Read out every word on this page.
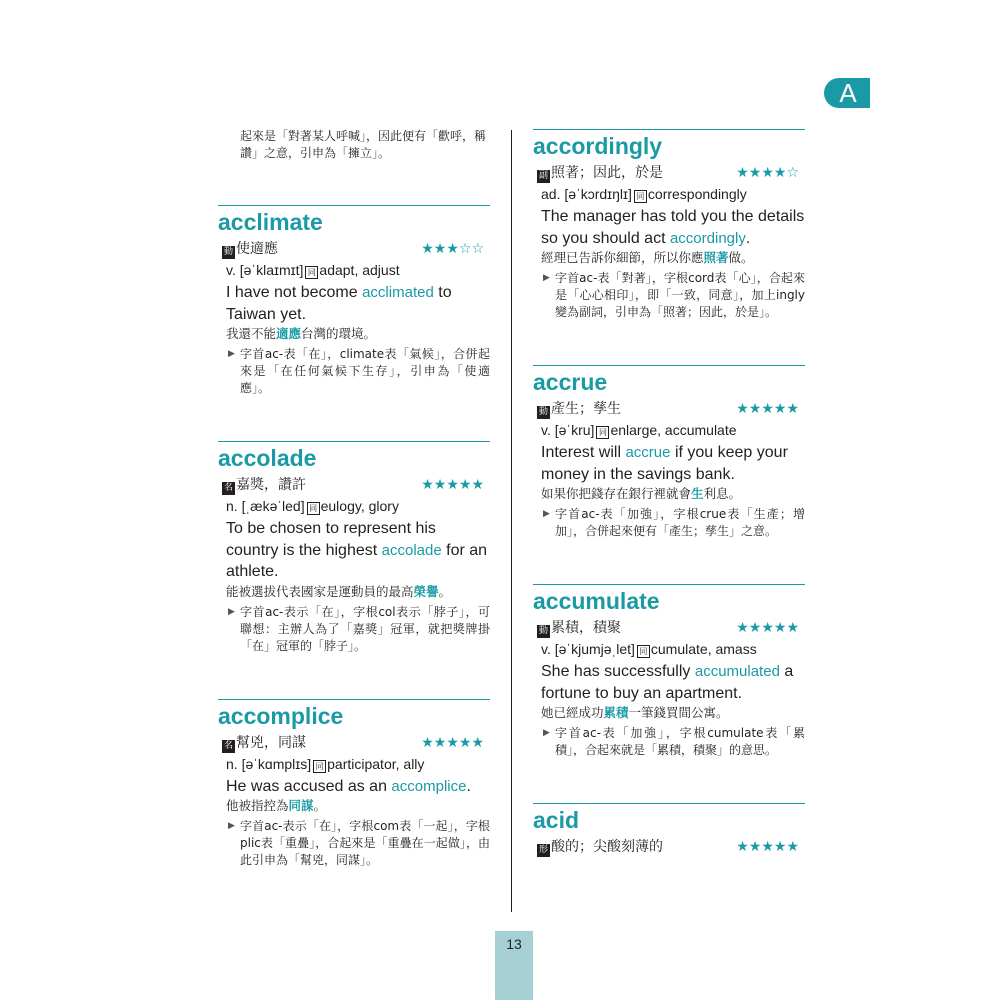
A
起來是「對著某人呼喊」，因此便有「歡呼，稱讚」之意，引申為「擁立」。
acclimate
動 使適應	★★★☆☆
v. [əˈklaɪmɪt] 同 adapt, adjust
I have not become acclimated to Taiwan yet.
我還不能適應台灣的環境。
▶ 字首ac-表「在」，climate表「氣候」，合併起來是「在任何氣候下生存」，引申為「使適應」。
accolade
名 嘉獎，讚許	★★★★★
n. [ˌækəˈled] 同 eulogy, glory
To be chosen to represent his country is the highest accolade for an athlete.
能被選拔代表國家是運動員的最高榮譽。
▶ 字首ac-表示「在」，字根col表示「脖子」，可聯想：主辦人為了「嘉獎」冠軍，就把獎牌掛「在」冠軍的「脖子」。
accomplice
名 幫兇，同謀	★★★★★
n. [əˈkɑmplɪs] 同 participator, ally
He was accused as an accomplice.
他被指控為同謀。
▶ 字首ac-表示「在」，字根com表「一起」，字根plic表「重疊」，合起來是「重疊在一起做」，由此引申為「幫兇，同謀」。
accordingly
副 照著；因此，於是	★★★★☆
ad. [əˈkɔrdɪŋlɪ] 同 correspondingly
The manager has told you the details so you should act accordingly.
經理已告訴你細節，所以你應照著做。
▶ 字首ac-表「對著」，字根cord表「心」，合起來是「心心相印」，即「一致，同意」，加上ingly變為副詞，引申為「照著；因此，於是」。
accrue
動 產生；孳生	★★★★★
v. [əˈkru] 同 enlarge, accumulate
Interest will accrue if you keep your money in the savings bank.
如果你把錢存在銀行裡就會生利息。
▶ 字首ac-表「加強」，字根crue表「生產；增加」，合併起來便有「產生；孳生」之意。
accumulate
動 累積，積聚	★★★★★
v. [əˈkjumjəˌlet] 同 cumulate, amass
She has successfully accumulated a fortune to buy an apartment.
她已經成功累積一筆錢買間公寓。
▶ 字首ac-表「加強」，字根cumulate表「累積」，合起來就是「累積，積聚」的意思。
acid
形 酸的；尖酸刻薄的	★★★★★
13
